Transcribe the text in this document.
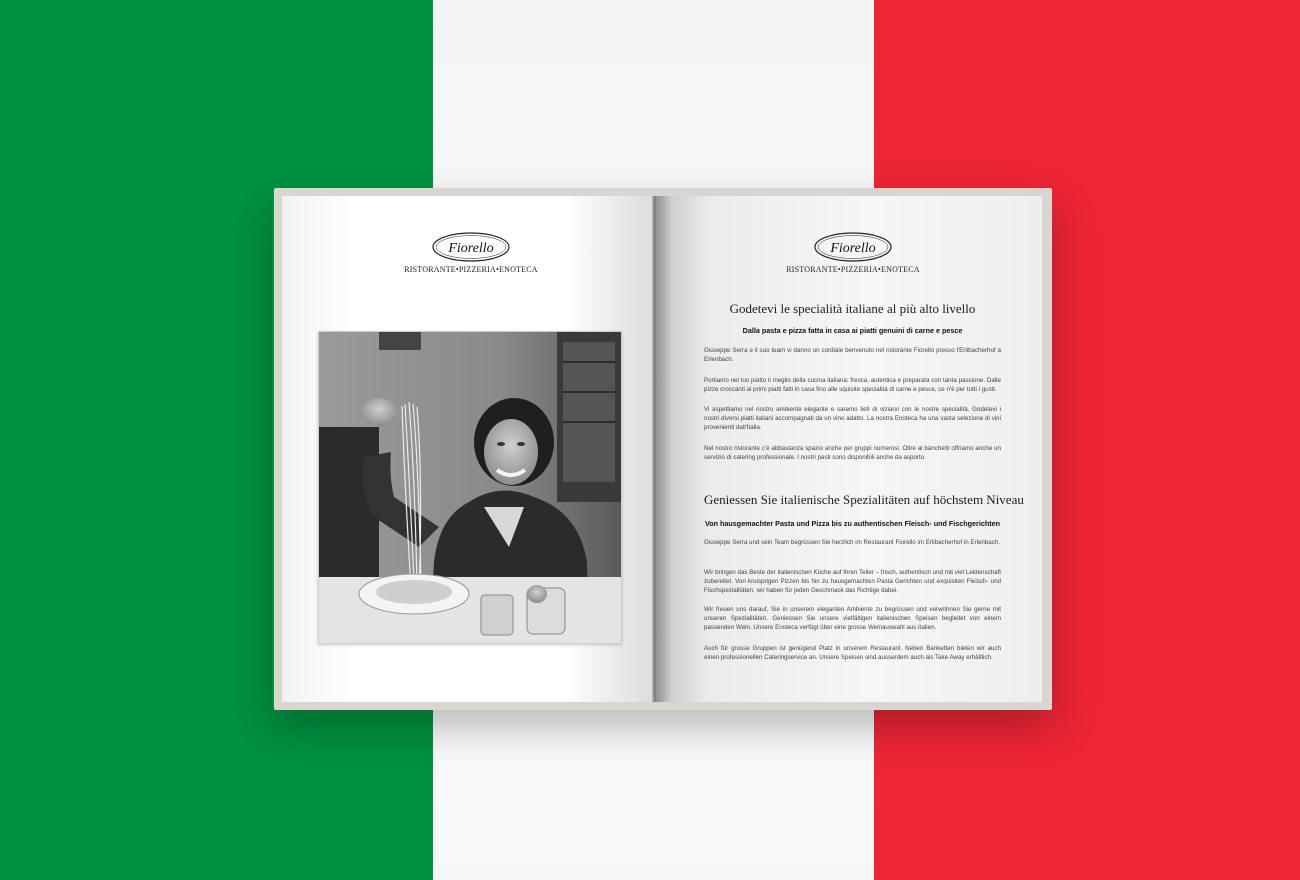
Fiorello
RISTORANTE•PIZZERIA•ENOTECA
Fiorello
RISTORANTE•PIZZERIA•ENOTECA
Godetevi le specialità italiane al più alto livello
Dalla pasta e pizza fatta in casa ai piatti genuini di carne e pesce

Giuseppe Serra e il suo team vi danno un cordiale benvenuto nel ristorante Fiorello presso l'Erlibacherhof a Erlenbach.

Portiamo nel tuo piatto il meglio della cucina italiana: fresca, autentica e preparata con tanta passione. Dalle pizze croccanti ai primi piatti fatti in casa fino alle squisite specialità di carne e pesce, ce n'è per tutti i gusti.

Vi aspettiamo nel nostro ambiente elegante e saremo lieti di viziarvi con le nostre specialità. Godetevi i nostri diversi piatti italiani accompagnati da un vino adatto. La nostra Enoteca ha una vasta selezione di vini provenienti dall'Italia.

Nel nostro ristorante c'è abbastanza spazio anche per gruppi numerosi. Oltre ai banchetti offriamo anche un servizio di catering professionale. I nostri pasti sono disponibili anche da asporto.

Geniessen Sie italienische Spezialitäten auf höchstem Niveau
Von hausgemachter Pasta und Pizza bis zu authentischen Fleisch- und Fischgerichten

Giuseppe Serra und sein Team begrüssen Sie herzlich im Restaurant Fiorello im Erlibacherhof in Erlenbach.

Wir bringen das Beste der italienischen Küche auf Ihren Teller – frisch, authentisch und mit viel Leidenschaft zubereitet. Von knusprigen Pizzen bis hin zu hausgemachten Pasta Gerichten und exquisiten Fleisch- und Fischspezialitäten, wir haben für jeden Geschmack das Richtige dabei.

Wir freuen uns darauf, Sie in unserem eleganten Ambiente zu begrüssen und verwöhnen Sie gerne mit unseren Spezialitäten. Geniessen Sie unsere vielfältigen italienischen Speisen begleitet von einem passenden Wein. Unsere Enoteca verfügt über eine grosse Weinauswahl aus Italien.

Auch für grosse Gruppen ist genügend Platz in unserem Restaurant. Neben Banketten bieten wir auch einen professionellen Cateringservice an. Unsere Speisen sind ausserdem auch als Take Away erhältlich.
